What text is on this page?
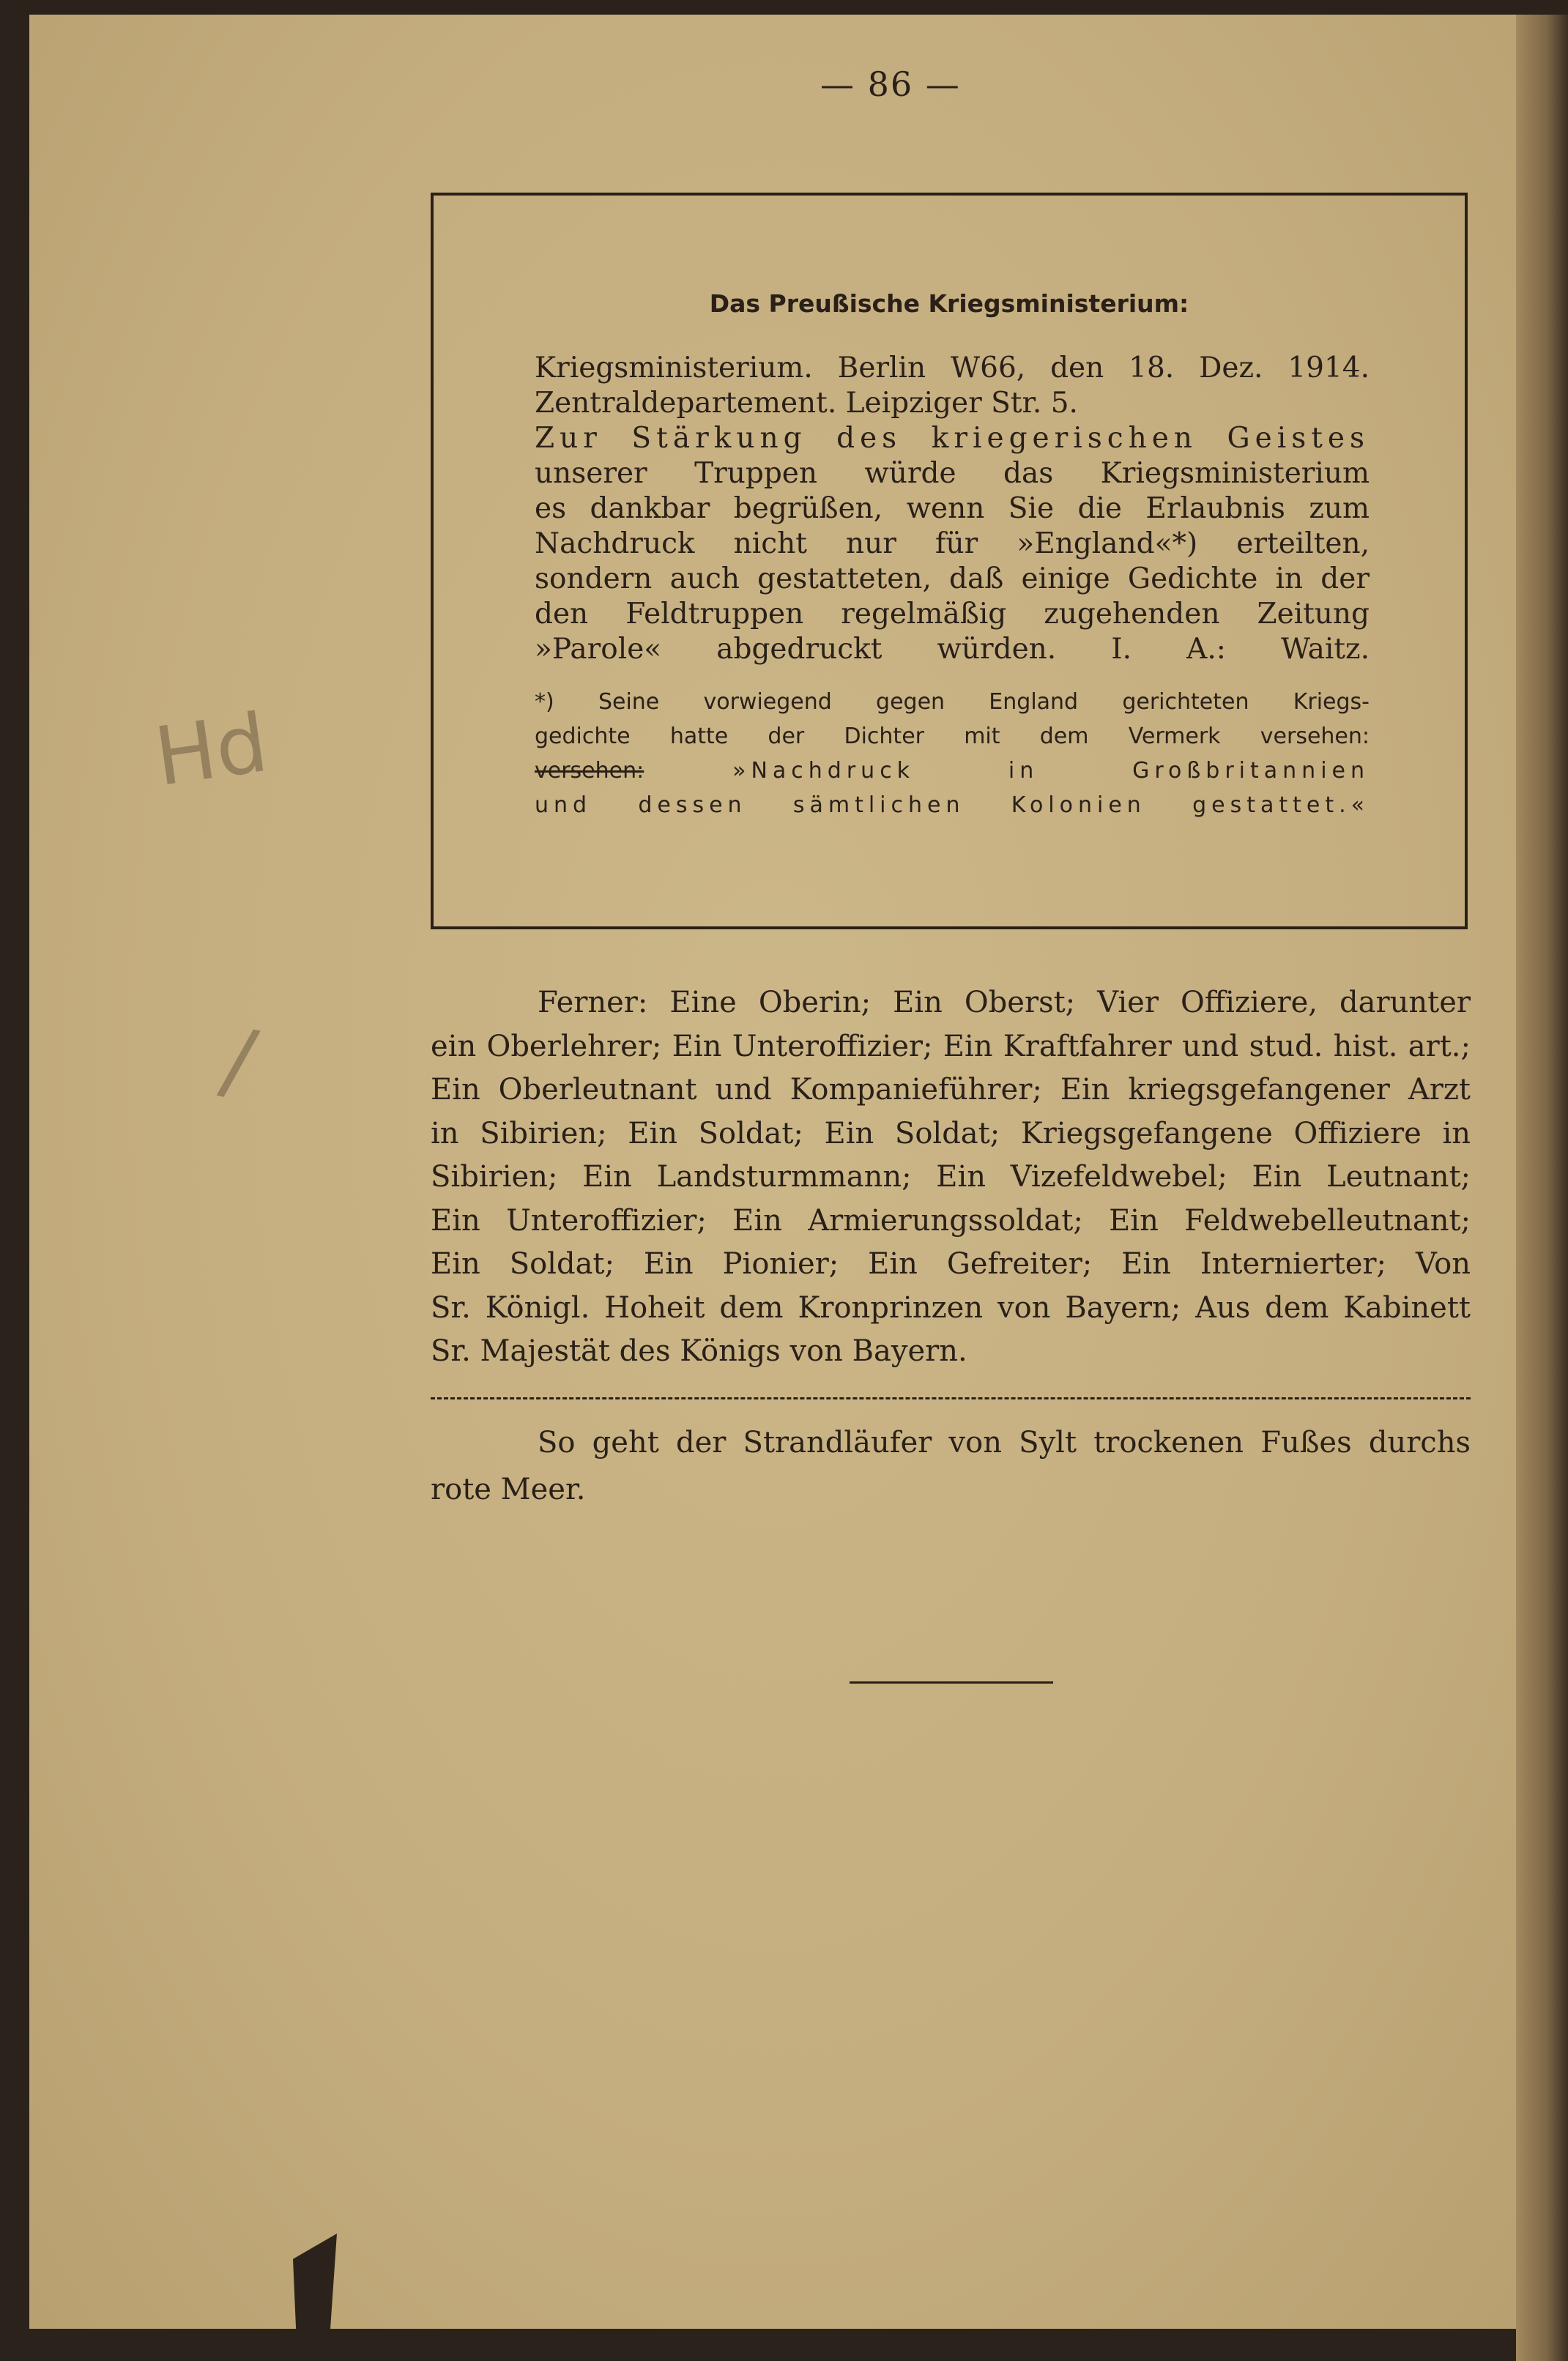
— 86 —
Das Preußische Kriegsministerium:
Kriegsministerium. Berlin W66, den 18. Dez. 1914.
Zentraldepartement. Leipziger Str. 5.
Zur Stärkung des kriegerischen Geistes
unserer Truppen würde das Kriegsministerium
es dankbar begrüßen, wenn Sie die Erlaubnis zum
Nachdruck nicht nur für »England«*) erteilten,
sondern auch gestatteten, daß einige Gedichte in der
den Feldtruppen regelmäßig zugehenden Zeitung
»Parole« abgedruckt würden. I. A.: Waitz.
*) Seine vorwiegend gegen England gerichteten Kriegs-
gedichte hatte der Dichter mit dem Vermerk versehen:
versehen:	»Nachdruck in Großbritannien
und dessen sämtlichen Kolonien gestattet.«
Ferner: Eine Oberin; Ein Oberst; Vier Offiziere, darunter
ein Oberlehrer; Ein Unteroffizier; Ein Kraftfahrer und stud. hist. art.;
Ein Oberleutnant und Kompanieführer; Ein kriegsgefangener Arzt
in Sibirien; Ein Soldat; Ein Soldat; Kriegsgefangene Offiziere in
Sibirien; Ein Landsturmmann; Ein Vizefeldwebel; Ein Leutnant;
Ein Unteroffizier; Ein Armierungssoldat; Ein Feldwebelleutnant;
Ein Soldat; Ein Pionier; Ein Gefreiter; Ein Internierter; Von
Sr. Königl. Hoheit dem Kronprinzen von Bayern; Aus dem Kabinett
Sr. Majestät des Königs von Bayern.
So geht der Strandläufer von Sylt trockenen Fußes durchs
rote Meer.
Hd
/
